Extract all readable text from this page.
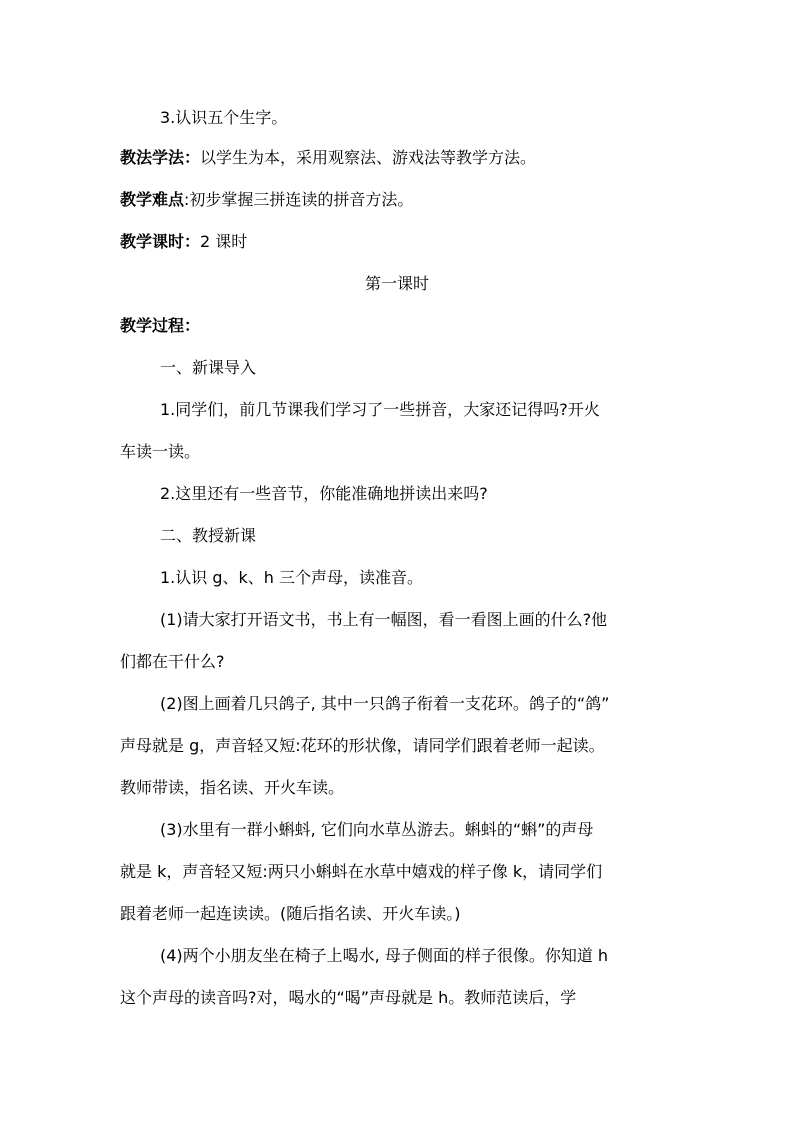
3.认识五个生字。
教法学法：以学生为本，采用观察法、游戏法等教学方法。
教学难点:初步掌握三拼连读的拼音方法。
教学课时：2 课时
第一课时
教学过程：
一、新课导入
1.同学们，前几节课我们学习了一些拼音，大家还记得吗?开火
车读一读。
2.这里还有一些音节，你能准确地拼读出来吗?
二、教授新课
1.认识 g、k、h 三个声母，读准音。
(1)请大家打开语文书，书上有一幅图，看一看图上画的什么?他
们都在干什么?
(2)图上画着几只鸽子, 其中一只鸽子衔着一支花环。鸽子的“鸽”
声母就是 g，声音轻又短:花环的形状像，请同学们跟着老师一起读。
教师带读，指名读、开火车读。
(3)水里有一群小蝌蚪, 它们向水草丛游去。蝌蚪的“蝌”的声母
就是 k，声音轻又短:两只小蝌蚪在水草中嬉戏的样子像 k，请同学们
跟着老师一起连读读。(随后指名读、开火车读。)
(4)两个小朋友坐在椅子上喝水, 母子侧面的样子很像。你知道 h
这个声母的读音吗?对，喝水的“喝”声母就是 h。教师范读后，学
